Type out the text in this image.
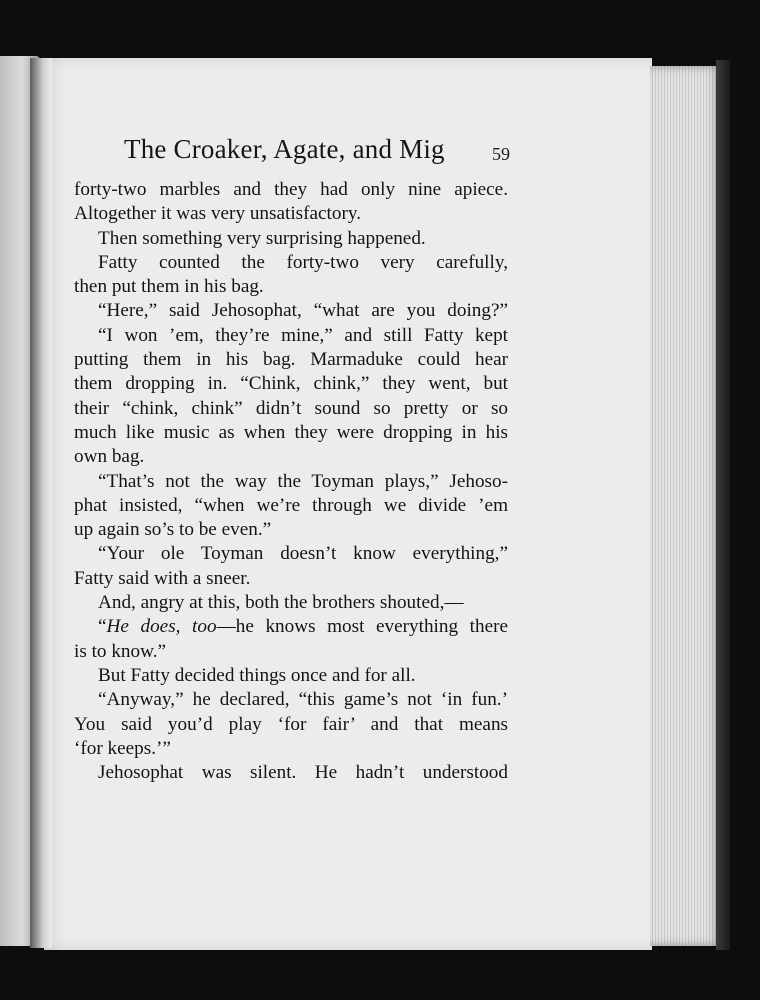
The Croaker, Agate, and Mig	59
forty-two marbles and they had only nine apiece.
Altogether it was very unsatisfactory.
Then something very surprising happened.
Fatty counted the forty-two very carefully,
then put them in his bag.
“Here,” said Jehosophat, “what are you doing?”
“I won ’em, they’re mine,” and still Fatty kept
putting them in his bag. Marmaduke could hear
them dropping in. “Chink, chink,” they went, but
their “chink, chink” didn’t sound so pretty or so
much like music as when they were dropping in his
own bag.
“That’s not the way the Toyman plays,” Jehoso-
phat insisted, “when we’re through we divide ’em
up again so’s to be even.”
“Your ole Toyman doesn’t know everything,”
Fatty said with a sneer.
And, angry at this, both the brothers shouted,—
“He does, too—he knows most everything there
is to know.”
But Fatty decided things once and for all.
“Anyway,” he declared, “this game’s not ‘in fun.’
You said you’d play ‘for fair’ and that means
‘for keeps.’”
Jehosophat was silent. He hadn’t understood
